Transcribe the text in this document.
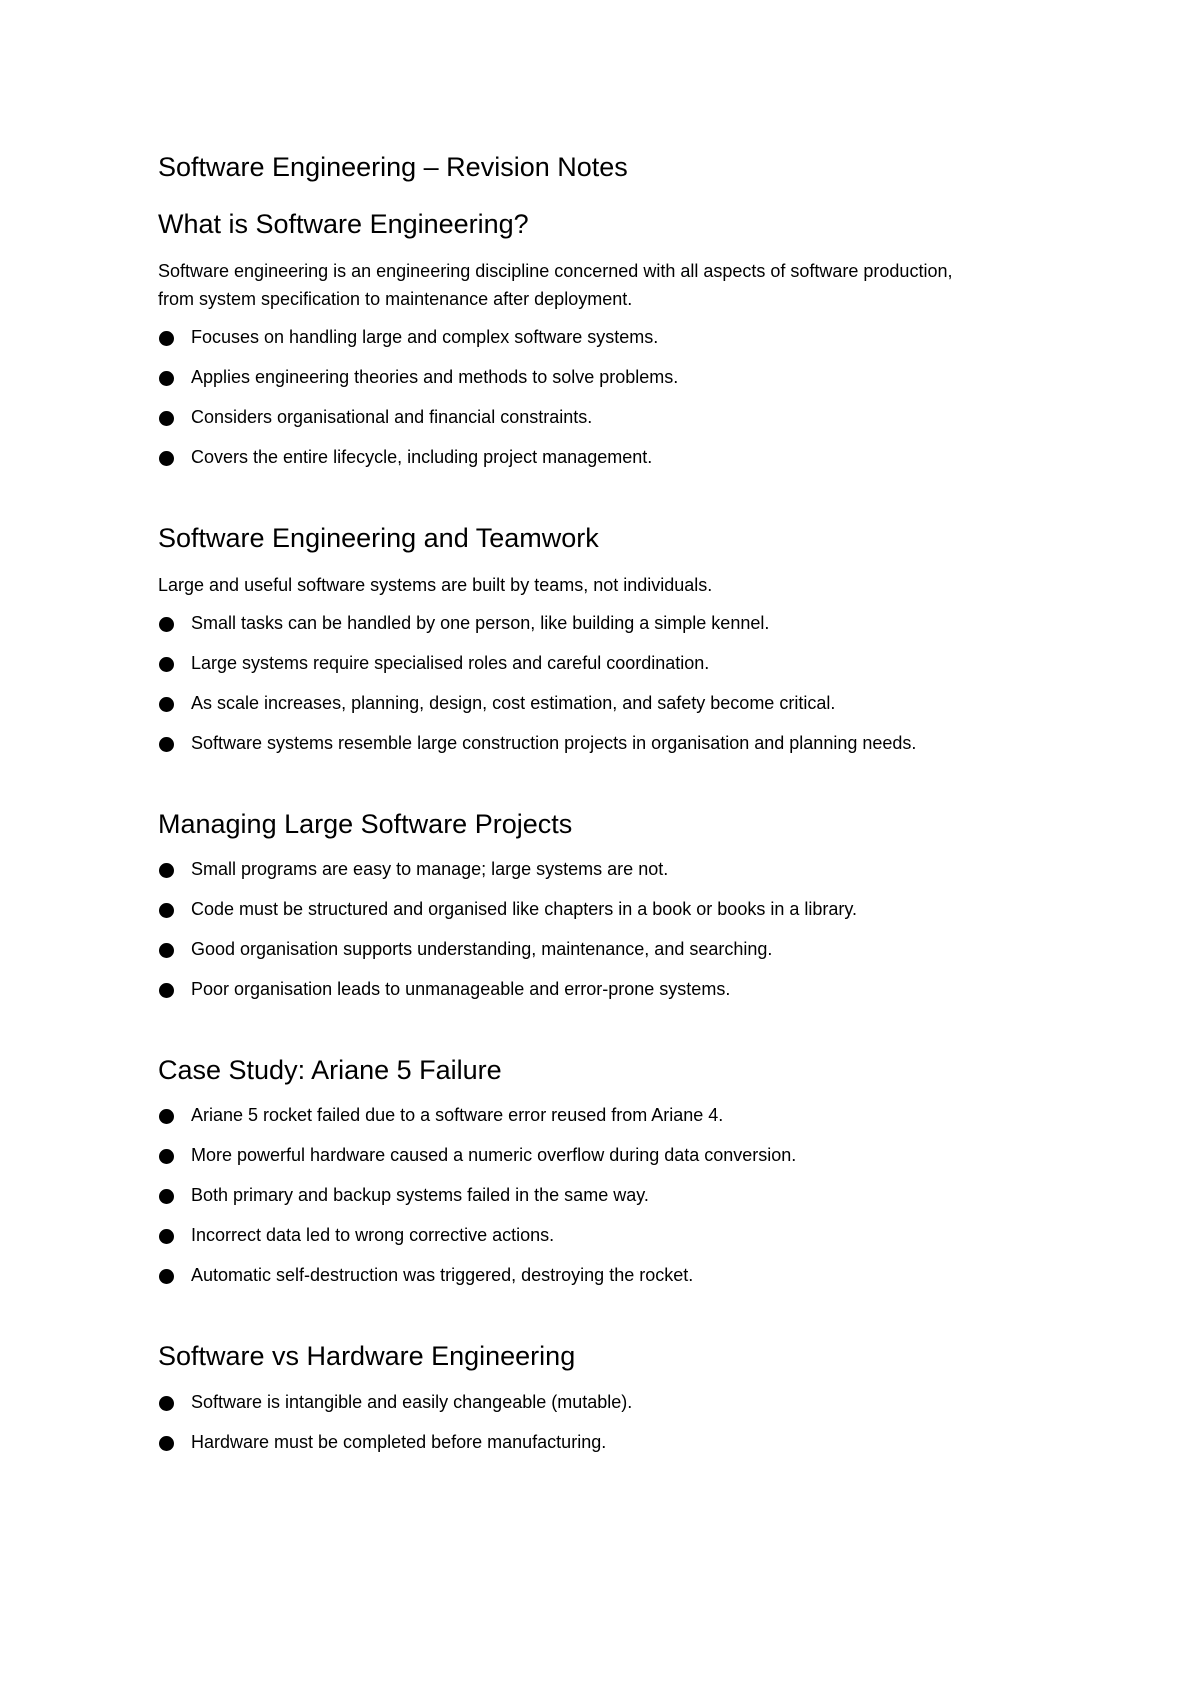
Software Engineering – Revision Notes
What is Software Engineering?

Software engineering is an engineering discipline concerned with all aspects of software production, from system specification to maintenance after deployment.

Focuses on handling large and complex software systems.
Applies engineering theories and methods to solve problems.
Considers organisational and financial constraints.
Covers the entire lifecycle, including project management.
Software Engineering and Teamwork

Large and useful software systems are built by teams, not individuals.

Small tasks can be handled by one person, like building a simple kennel.
Large systems require specialised roles and careful coordination.
As scale increases, planning, design, cost estimation, and safety become critical.
Software systems resemble large construction projects in organisation and planning needs.
Managing Large Software Projects
Small programs are easy to manage; large systems are not.
Code must be structured and organised like chapters in a book or books in a library.
Good organisation supports understanding, maintenance, and searching.
Poor organisation leads to unmanageable and error-prone systems.
Case Study: Ariane 5 Failure
Ariane 5 rocket failed due to a software error reused from Ariane 4.
More powerful hardware caused a numeric overflow during data conversion.
Both primary and backup systems failed in the same way.
Incorrect data led to wrong corrective actions.
Automatic self-destruction was triggered, destroying the rocket.
Software vs Hardware Engineering
Software is intangible and easily changeable (mutable).
Hardware must be completed before manufacturing.
